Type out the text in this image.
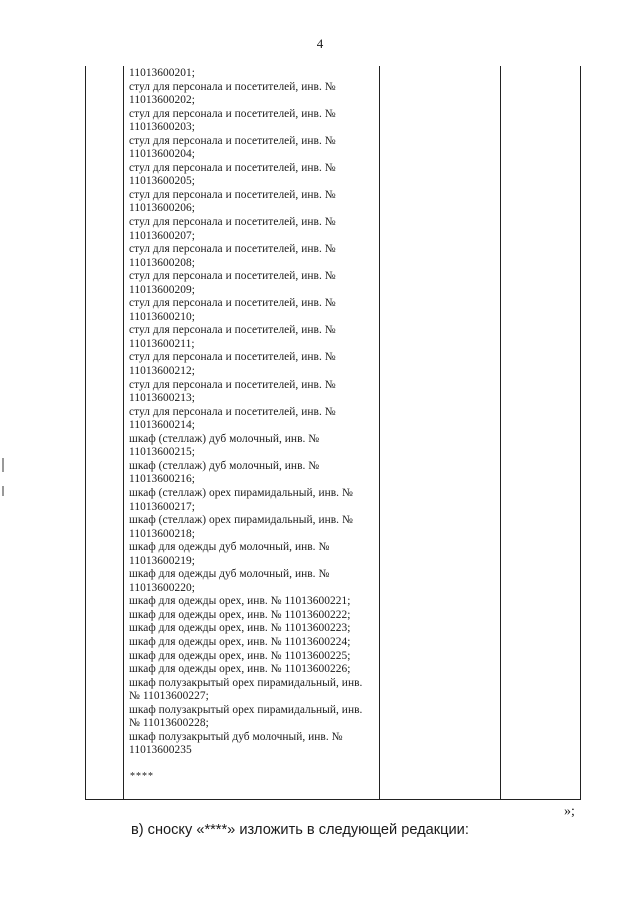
4
11013600201;
стул для персонала и посетителей, инв. №
11013600202;
стул для персонала и посетителей, инв. №
11013600203;
стул для персонала и посетителей, инв. №
11013600204;
стул для персонала и посетителей, инв. №
11013600205;
стул для персонала и посетителей, инв. №
11013600206;
стул для персонала и посетителей, инв. №
11013600207;
стул для персонала и посетителей, инв. №
11013600208;
стул для персонала и посетителей, инв. №
11013600209;
стул для персонала и посетителей, инв. №
11013600210;
стул для персонала и посетителей, инв. №
11013600211;
стул для персонала и посетителей, инв. №
11013600212;
стул для персонала и посетителей, инв. №
11013600213;
стул для персонала и посетителей, инв. №
11013600214;
шкаф (стеллаж) дуб молочный, инв. №
11013600215;
шкаф (стеллаж) дуб молочный, инв. №
11013600216;
шкаф (стеллаж) орех пирамидальный, инв. №
11013600217;
шкаф (стеллаж) орех пирамидальный, инв. №
11013600218;
шкаф для одежды дуб молочный, инв. №
11013600219;
шкаф для одежды дуб молочный, инв. №
11013600220;
шкаф для одежды орех, инв. № 11013600221;
шкаф для одежды орех, инв. № 11013600222;
шкаф для одежды орех, инв. № 11013600223;
шкаф для одежды орех, инв. № 11013600224;
шкаф для одежды орех, инв. № 11013600225;
шкаф для одежды орех, инв. № 11013600226;
шкаф полузакрытый орех пирамидальный, инв.
№ 11013600227;
шкаф полузакрытый орех пирамидальный, инв.
№ 11013600228;
шкаф полузакрытый дуб молочный, инв. №
11013600235
****
»;
в) сноску «****» изложить в следующей редакции:
